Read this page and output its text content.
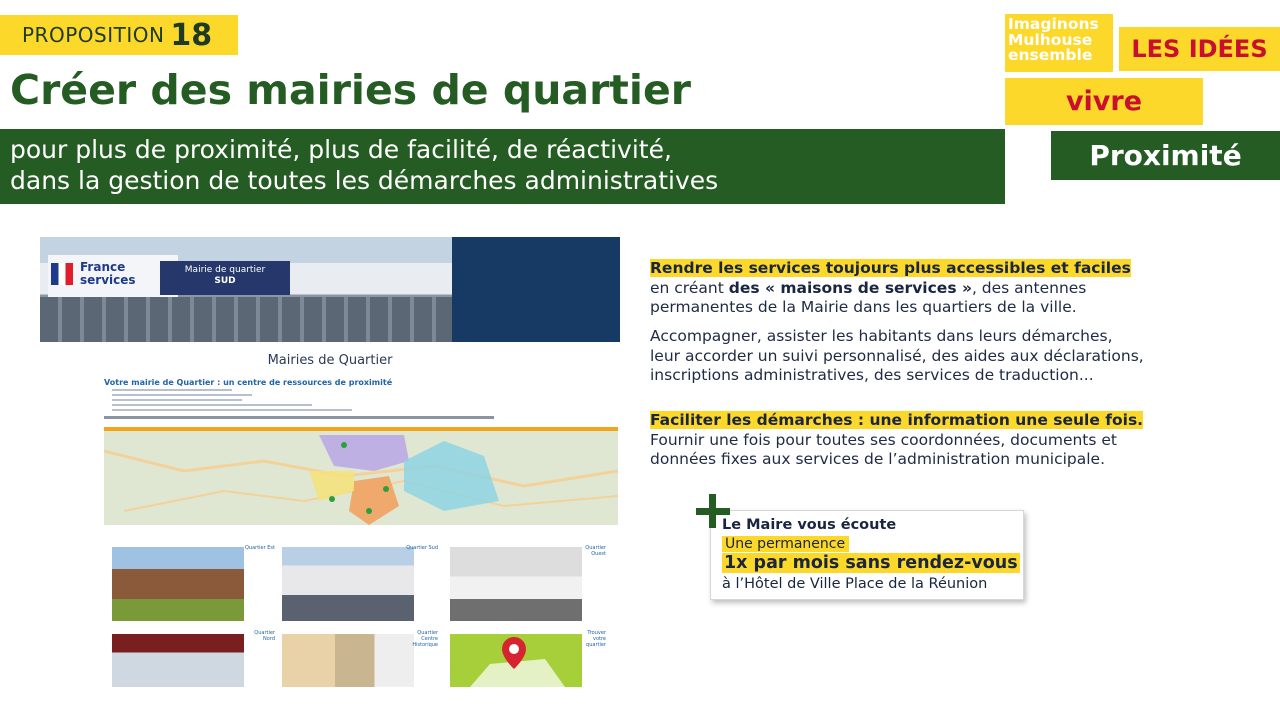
PROPOSITION 18
Créer des mairies de quartier
pour plus de proximité, plus de facilité, de réactivité,
dans la gestion de toutes les démarches administratives
Imaginons
Mulhouse
ensemble	LES IDÉES
vivre
Proximité
France
services
Mairie de quartier
SUD
Mairies de Quartier
Votre mairie de Quartier : un centre de ressources de proximité
Quartier Est	Quartier Sud	Quartier Ouest
Quartier Nord
Quartier Centre Historique
Trouver votre quartier
Rendre les services toujours plus accessibles et faciles
en créant des « maisons de services », des antennes
permanentes de la Mairie dans les quartiers de la ville.
Accompagner, assister les habitants dans leurs démarches,
leur accorder un suivi personnalisé, des aides aux déclarations,
inscriptions administratives, des services de traduction...
Faciliter les démarches : une information une seule fois.
Fournir une fois pour toutes ses coordonnées, documents et
données fixes aux services de l’administration municipale.
Le Maire vous écoute
Une permanence
1x par mois sans rendez-vous
à l’Hôtel de Ville Place de la Réunion
